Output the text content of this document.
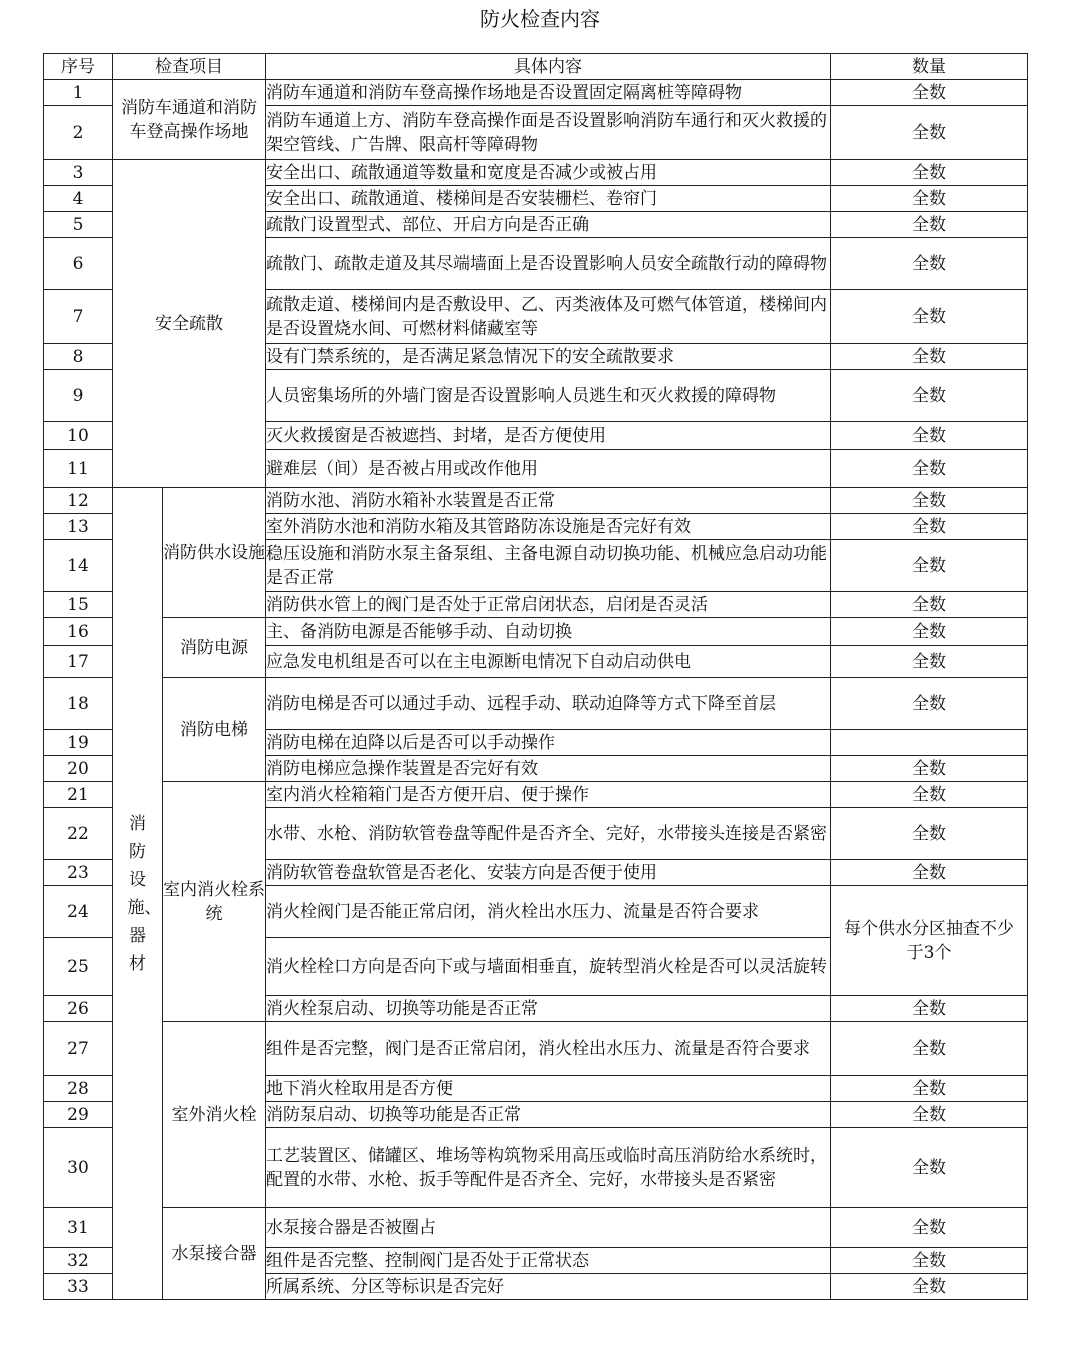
防火检查内容
序号	检查项目		具体内容	数量
1	消防车通道和消防车登高操作场地		消防车通道和消防车登高操作场地是否设置固定隔离桩等障碍物	全数
2			消防车通道上方、消防车登高操作面是否设置影响消防车通行和灭火救援的架空管线、广告牌、限高杆等障碍物	全数
3	安全疏散		安全出口、疏散通道等数量和宽度是否减少或被占用	全数
4			安全出口、疏散通道、楼梯间是否安装栅栏、卷帘门	全数
5			疏散门设置型式、部位、开启方向是否正确	全数
6			疏散门、疏散走道及其尽端墙面上是否设置影响人员安全疏散行动的障碍物	全数
7			疏散走道、楼梯间内是否敷设甲、乙、丙类液体及可燃气体管道，楼梯间内是否设置烧水间、可燃材料储藏室等	全数
8			设有门禁系统的，是否满足紧急情况下的安全疏散要求	全数
9			人员密集场所的外墙门窗是否设置影响人员逃生和灭火救援的障碍物	全数
10			灭火救援窗是否被遮挡、封堵，是否方便使用	全数
11			避难层（间）是否被占用或改作他用	全数
12	消防设施、器材	消防供水设施	消防水池、消防水箱补水装置是否正常	全数
13			室外消防水池和消防水箱及其管路防冻设施是否完好有效	全数
14			稳压设施和消防水泵主备泵组、主备电源自动切换功能、机械应急启动功能是否正常	全数
15			消防供水管上的阀门是否处于正常启闭状态，启闭是否灵活	全数
16		消防电源	主、备消防电源是否能够手动、自动切换	全数
17			应急发电机组是否可以在主电源断电情况下自动启动供电	全数
18		消防电梯	消防电梯是否可以通过手动、远程手动、联动迫降等方式下降至首层	全数
19			消防电梯在迫降以后是否可以手动操作	
20			消防电梯应急操作装置是否完好有效	全数
21		室内消火栓系统	室内消火栓箱箱门是否方便开启、便于操作	全数
22			水带、水枪、消防软管卷盘等配件是否齐全、完好，水带接头连接是否紧密	全数
23			消防软管卷盘软管是否老化、安装方向是否便于使用	全数
24			消火栓阀门是否能正常启闭，消火栓出水压力、流量是否符合要求	每个供水分区抽查不少于3个
25			消火栓栓口方向是否向下或与墙面相垂直，旋转型消火栓是否可以灵活旋转	
26			消火栓泵启动、切换等功能是否正常	全数
27		室外消火栓	组件是否完整，阀门是否正常启闭，消火栓出水压力、流量是否符合要求	全数
28			地下消火栓取用是否方便	全数
29			消防泵启动、切换等功能是否正常	全数
30			工艺装置区、储罐区、堆场等构筑物采用高压或临时高压消防给水系统时，配置的水带、水枪、扳手等配件是否齐全、完好，水带接头是否紧密	全数
31		水泵接合器	水泵接合器是否被圈占	全数
32			组件是否完整、控制阀门是否处于正常状态	全数
33			所属系统、分区等标识是否完好	全数
